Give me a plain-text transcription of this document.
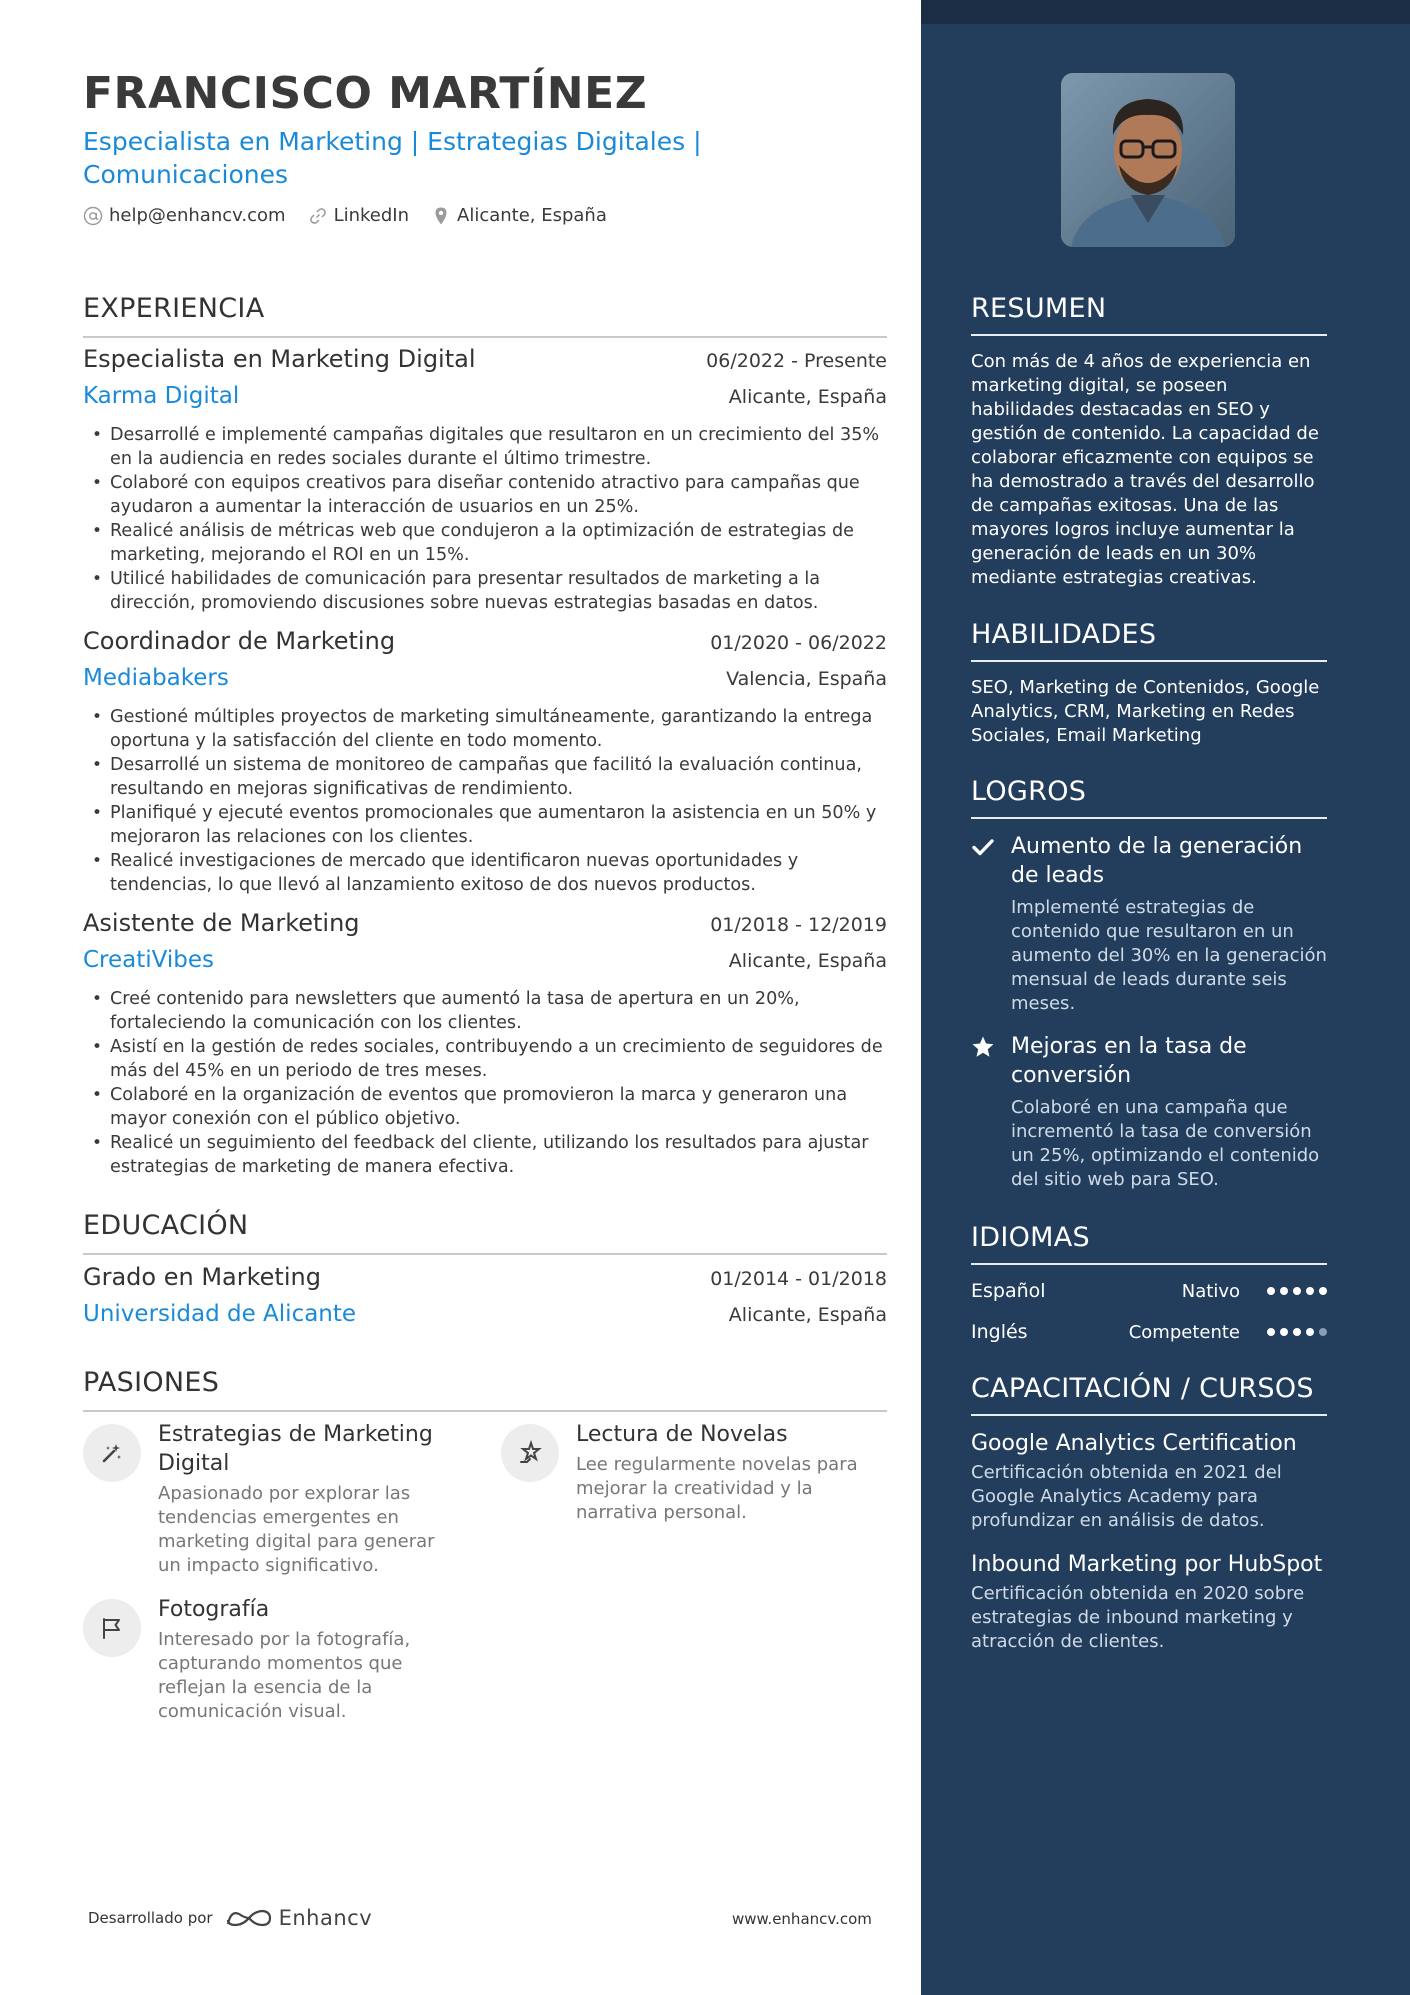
FRANCISCO MARTÍNEZ
Especialista en Marketing | Estrategias Digitales |
Comunicaciones
help@enhancv.com	LinkedIn	Alicante, España
EXPERIENCIA
Especialista en Marketing Digital	06/2022 - Presente
Karma Digital	Alicante, España
• Desarrollé e implementé campañas digitales que resultaron en un crecimiento del 35% en la audiencia en redes sociales durante el último trimestre.
• Colaboré con equipos creativos para diseñar contenido atractivo para campañas que ayudaron a aumentar la interacción de usuarios en un 25%.
• Realicé análisis de métricas web que condujeron a la optimización de estrategias de marketing, mejorando el ROI en un 15%.
• Utilicé habilidades de comunicación para presentar resultados de marketing a la dirección, promoviendo discusiones sobre nuevas estrategias basadas en datos.
Coordinador de Marketing	01/2020 - 06/2022
Mediabakers	Valencia, España
• Gestioné múltiples proyectos de marketing simultáneamente, garantizando la entrega oportuna y la satisfacción del cliente en todo momento.
• Desarrollé un sistema de monitoreo de campañas que facilitó la evaluación continua, resultando en mejoras significativas de rendimiento.
• Planifiqué y ejecuté eventos promocionales que aumentaron la asistencia en un 50% y mejoraron las relaciones con los clientes.
• Realicé investigaciones de mercado que identificaron nuevas oportunidades y tendencias, lo que llevó al lanzamiento exitoso de dos nuevos productos.
Asistente de Marketing	01/2018 - 12/2019
CreatiVibes	Alicante, España
• Creé contenido para newsletters que aumentó la tasa de apertura en un 20%, fortaleciendo la comunicación con los clientes.
• Asistí en la gestión de redes sociales, contribuyendo a un crecimiento de seguidores de más del 45% en un periodo de tres meses.
• Colaboré en la organización de eventos que promovieron la marca y generaron una mayor conexión con el público objetivo.
• Realicé un seguimiento del feedback del cliente, utilizando los resultados para ajustar estrategias de marketing de manera efectiva.
EDUCACIÓN
Grado en Marketing	01/2014 - 01/2018
Universidad de Alicante	Alicante, España
PASIONES
Estrategias de Marketing Digital
Apasionado por explorar las tendencias emergentes en marketing digital para generar un impacto significativo.
Lectura de Novelas
Lee regularmente novelas para mejorar la creatividad y la narrativa personal.
Fotografía
Interesado por la fotografía, capturando momentos que reflejan la esencia de la comunicación visual.
Desarrollado por	Enhancv	www.enhancv.com
RESUMEN
Con más de 4 años de experiencia en marketing digital, se poseen habilidades destacadas en SEO y gestión de contenido. La capacidad de colaborar eficazmente con equipos se ha demostrado a través del desarrollo de campañas exitosas. Una de las mayores logros incluye aumentar la generación de leads en un 30% mediante estrategias creativas.
HABILIDADES
SEO, Marketing de Contenidos, Google Analytics, CRM, Marketing en Redes Sociales, Email Marketing
LOGROS
Aumento de la generación de leads
Implementé estrategias de contenido que resultaron en un aumento del 30% en la generación mensual de leads durante seis meses.
Mejoras en la tasa de conversión
Colaboré en una campaña que incrementó la tasa de conversión un 25%, optimizando el contenido del sitio web para SEO.
IDIOMAS
Español	Nativo
Inglés	Competente
CAPACITACIÓN / CURSOS
Google Analytics Certification
Certificación obtenida en 2021 del Google Analytics Academy para profundizar en análisis de datos.
Inbound Marketing por HubSpot
Certificación obtenida en 2020 sobre estrategias de inbound marketing y atracción de clientes.
